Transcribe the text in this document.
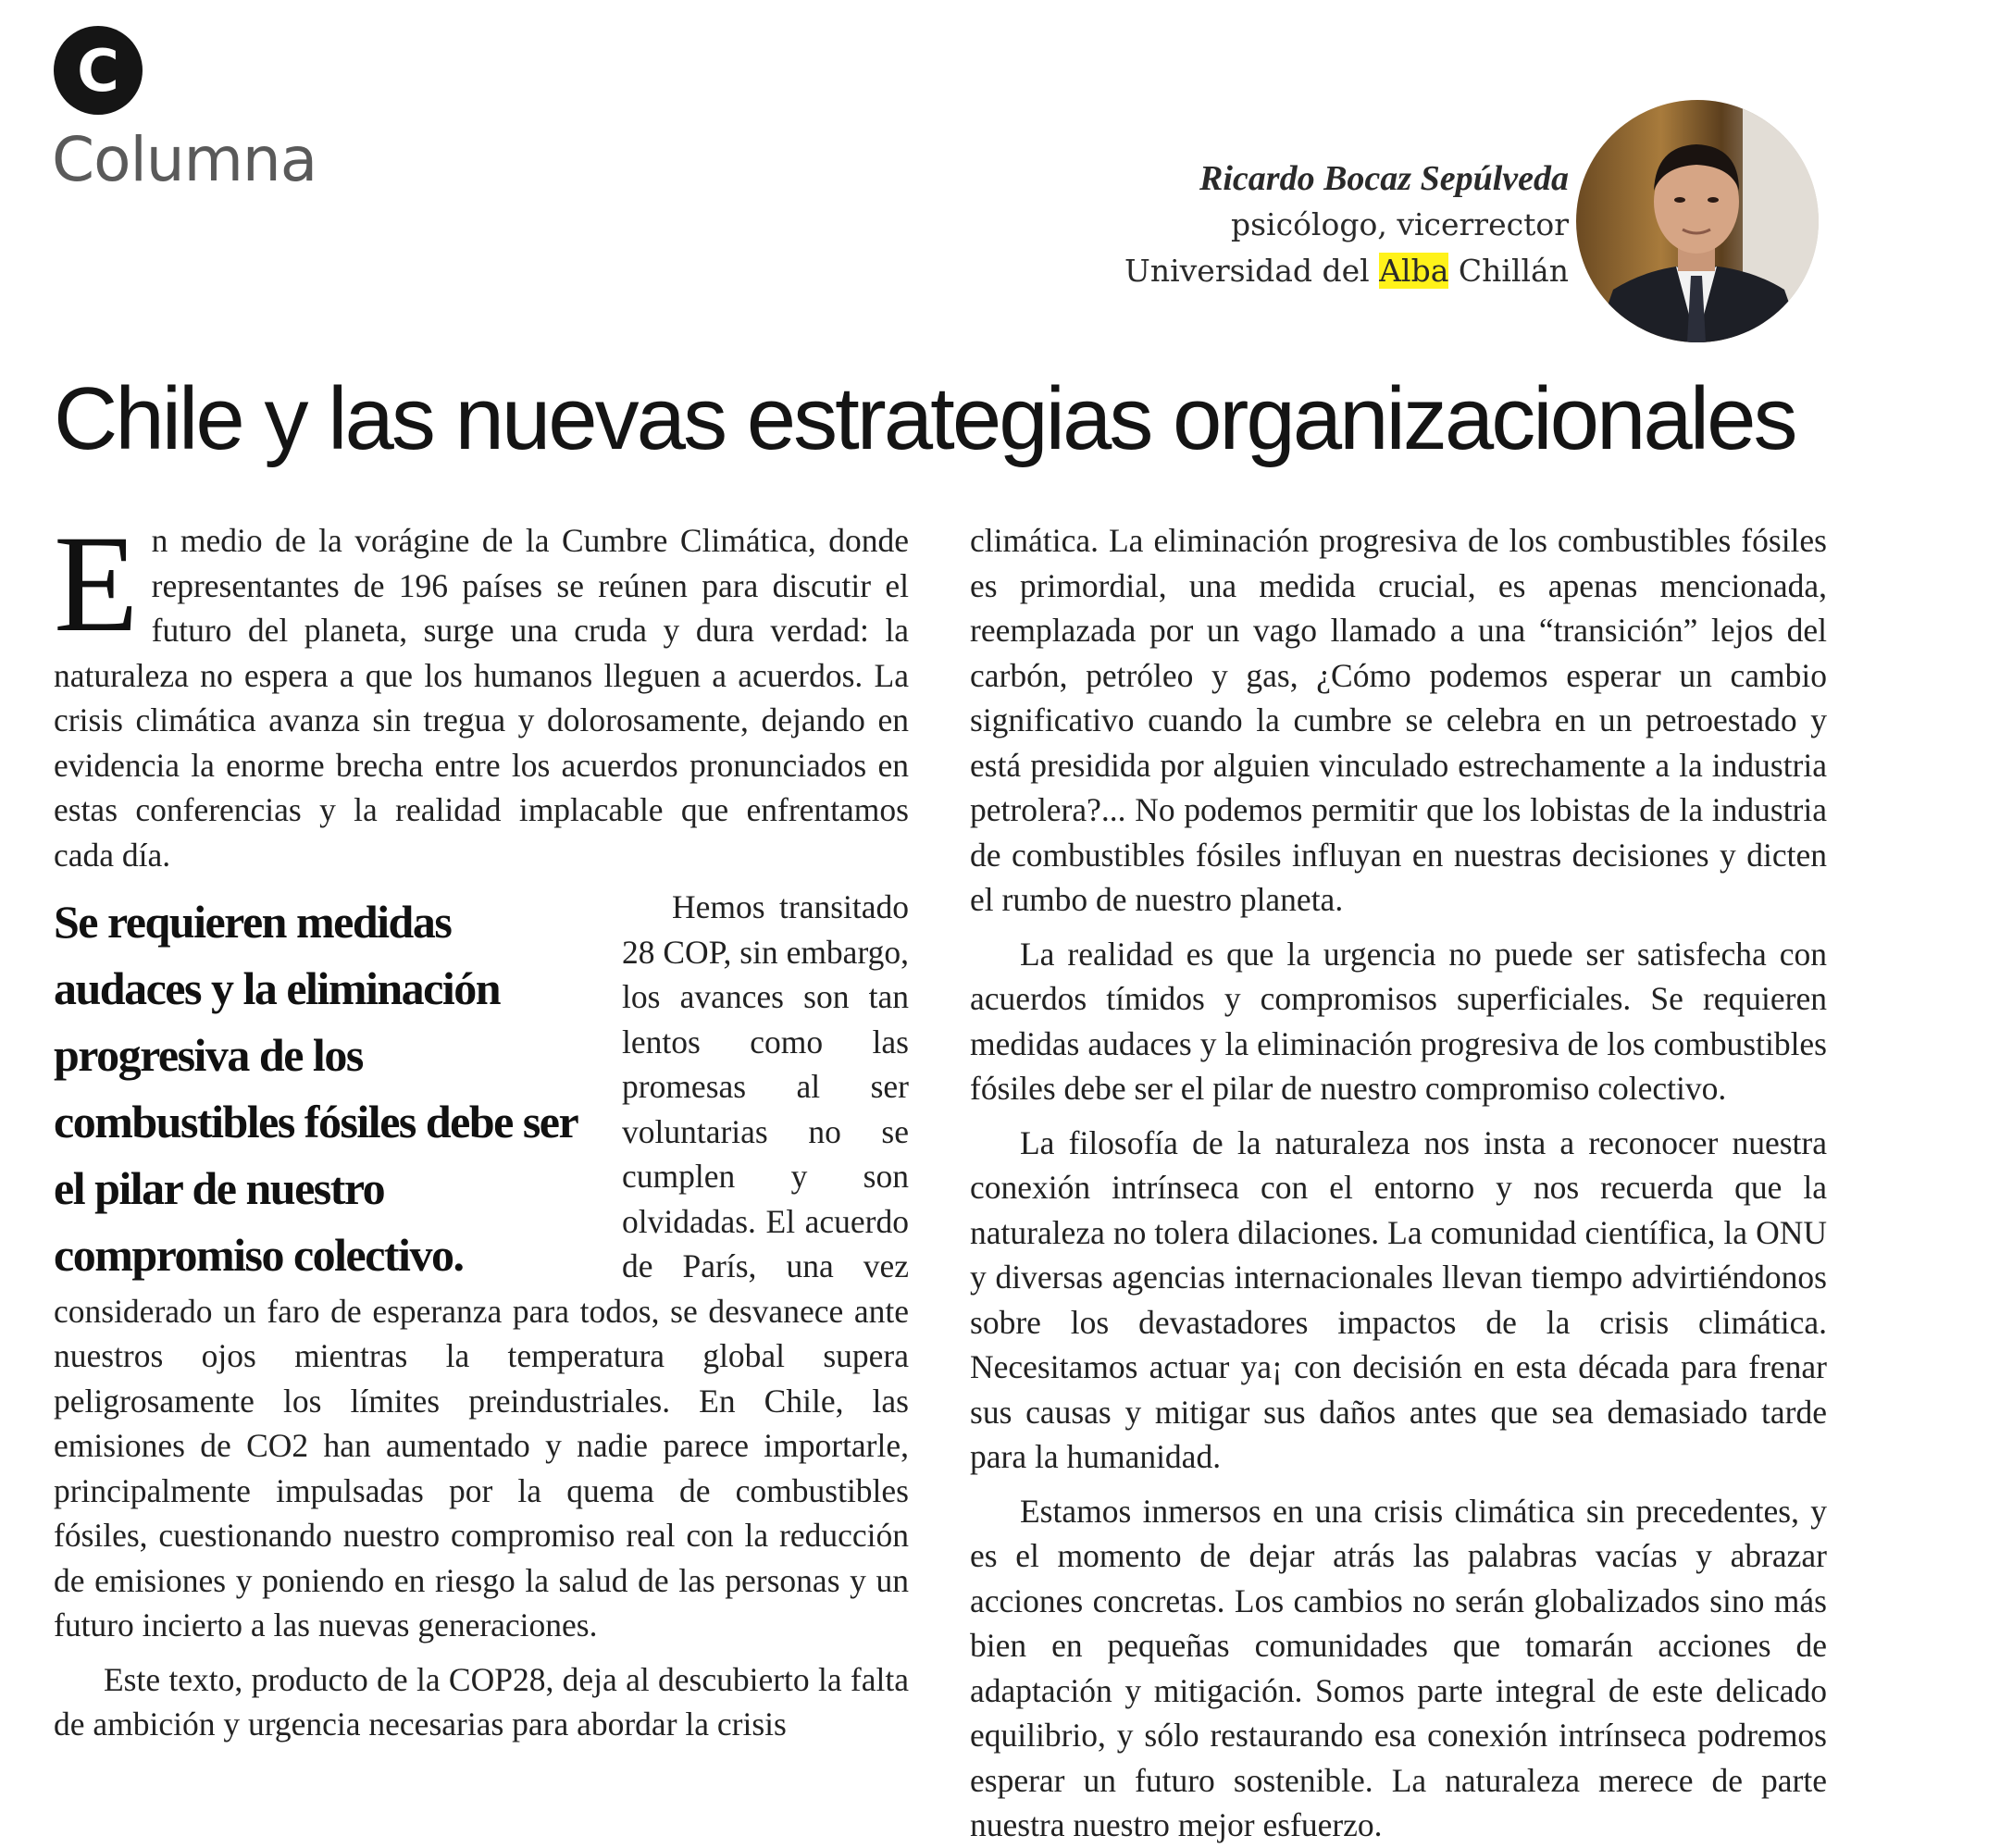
C
Columna	Ricardo Bocaz Sepúlveda
psicólogo, vicerrector
Universidad del Alba Chillán
Chile y las nuevas estrategias organizacionales

En medio de la vorágine de la Cumbre Climática, donde representantes de 196 países se reúnen para discutir el futuro del planeta, surge una cruda y dura verdad: la naturaleza no espera a que los humanos lleguen a acuerdos. La crisis climática avanza sin tregua y dolorosamente, dejando en evidencia la enorme brecha entre los acuerdos pronunciados en estas conferencias y la realidad implacable que enfrentamos cada día.

Se requieren medidas audaces y la eliminación progresiva de los combustibles fósiles debe ser el pilar de nuestro compromiso colectivo.

Hemos transitado 28 COP, sin embargo, los avances son tan lentos como las promesas al ser voluntarias no se cumplen y son olvidadas. El acuerdo de París, una vez considerado un faro de esperanza para todos, se desvanece ante nuestros ojos mientras la temperatura global supera peligrosamente los límites preindustriales. En Chile, las emisiones de CO2 han aumentado y nadie parece importarle, principalmente impulsadas por la quema de combustibles fósiles, cuestionando nuestro compromiso real con la reducción de emisiones y poniendo en riesgo la salud de las personas y un futuro incierto a las nuevas generaciones.

Este texto, producto de la COP28, deja al descubierto la falta de ambición y urgencia necesarias para abordar la crisis

climática. La eliminación progresiva de los combustibles fósiles es primordial, una medida crucial, es apenas mencionada, reemplazada por un vago llamado a una “transición” lejos del carbón, petróleo y gas, ¿Cómo podemos esperar un cambio significativo cuando la cumbre se celebra en un petroestado y está presidida por alguien vinculado estrechamente a la industria petrolera?... No podemos permitir que los lobistas de la industria de combustibles fósiles influyan en nuestras decisiones y dicten el rumbo de nuestro planeta.

La realidad es que la urgencia no puede ser satisfecha con acuerdos tímidos y compromisos superficiales. Se requieren medidas audaces y la eliminación progresiva de los combustibles fósiles debe ser el pilar de nuestro compromiso colectivo.

La filosofía de la naturaleza nos insta a reconocer nuestra conexión intrínseca con el entorno y nos recuerda que la naturaleza no tolera dilaciones. La comunidad científica, la ONU y diversas agencias internacionales llevan tiempo advirtiéndonos sobre los devastadores impactos de la crisis climática. Necesitamos actuar ya¡ con decisión en esta década para frenar sus causas y mitigar sus daños antes que sea demasiado tarde para la humanidad.

Estamos inmersos en una crisis climática sin precedentes, y es el momento de dejar atrás las palabras vacías y abrazar acciones concretas. Los cambios no serán globalizados sino más bien en pequeñas comunidades que tomarán acciones de adaptación y mitigación. Somos parte integral de este delicado equilibrio, y sólo restaurando esa conexión intrínseca podremos esperar un futuro sostenible. La naturaleza merece de parte nuestra nuestro mejor esfuerzo.
